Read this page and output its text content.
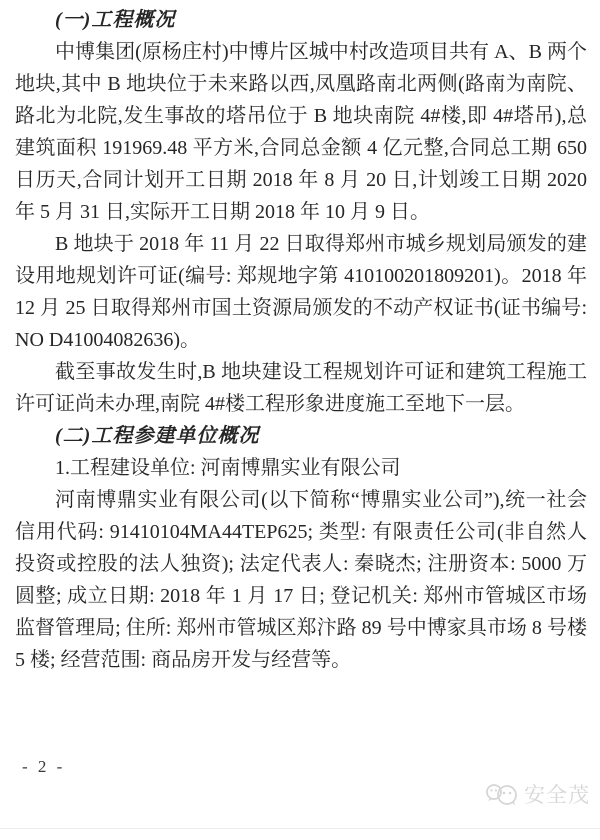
(一)工程概况

中博集团(原杨庄村)中博片区城中村改造项目共有 A、B 两个地块,其中 B 地块位于未来路以西,凤凰路南北两侧(路南为南院、路北为北院,发生事故的塔吊位于 B 地块南院 4#楼,即 4#塔吊),总建筑面积 191969.48 平方米,合同总金额 4 亿元整,合同总工期 650 日历天,合同计划开工日期 2018 年 8 月 20 日,计划竣工日期 2020 年 5 月 31 日,实际开工日期 2018 年 10 月 9 日。

B 地块于 2018 年 11 月 22 日取得郑州市城乡规划局颁发的建设用地规划许可证(编号: 郑规地字第 410100201809201)。2018 年 12 月 25 日取得郑州市国土资源局颁发的不动产权证书(证书编号: NO D41004082636)。

截至事故发生时,B 地块建设工程规划许可证和建筑工程施工许可证尚未办理,南院 4#楼工程形象进度施工至地下一层。

(二)工程参建单位概况

1.工程建设单位: 河南博鼎实业有限公司

河南博鼎实业有限公司(以下简称“博鼎实业公司”),统一社会信用代码: 91410104MA44TEP625; 类型: 有限责任公司(非自然人投资或控股的法人独资); 法定代表人: 秦晓杰; 注册资本: 5000 万圆整; 成立日期: 2018 年 1 月 17 日; 登记机关: 郑州市管城区市场监督管理局; 住所: 郑州市管城区郑汴路 89 号中博家具市场 8 号楼 5 楼; 经营范围: 商品房开发与经营等。

- 2 -
安全茂
